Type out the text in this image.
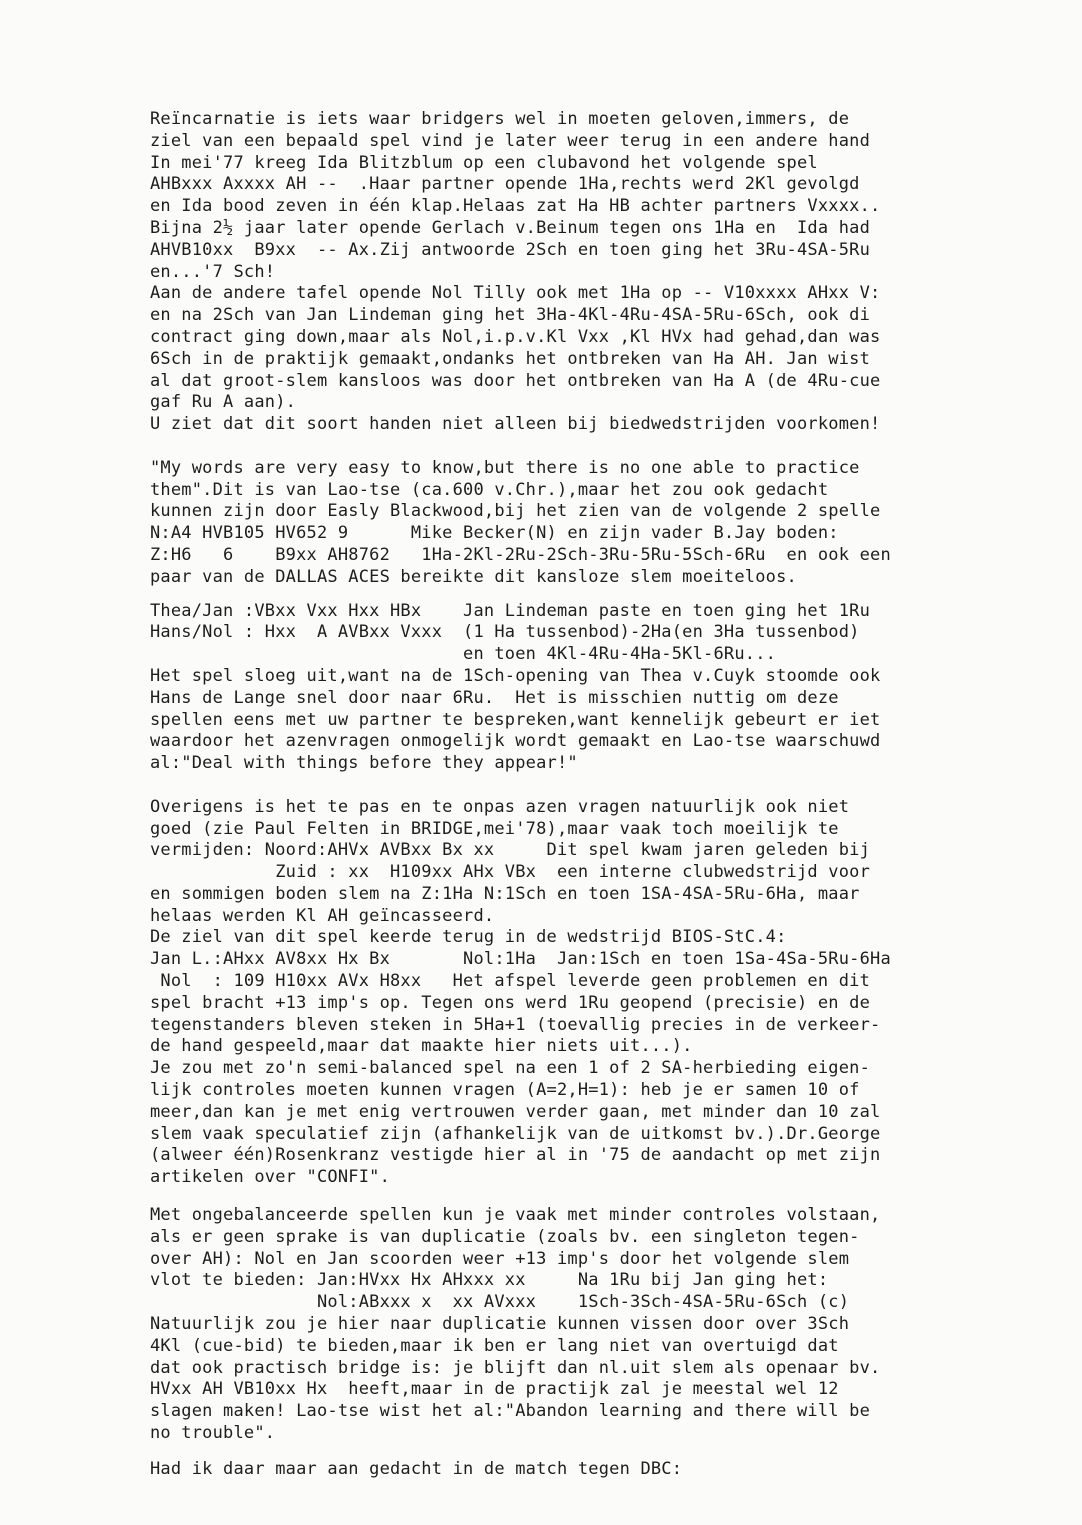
Reïncarnatie is iets waar bridgers wel in moeten geloven,immers, de
ziel van een bepaald spel vind je later weer terug in een andere hand
In mei'77 kreeg Ida Blitzblum op een clubavond het volgende spel
AHBxxx Axxxx AH --  .Haar partner opende 1Ha,rechts werd 2Kl gevolgd
en Ida bood zeven in één klap.Helaas zat Ha HB achter partners Vxxxx..
Bijna 2½ jaar later opende Gerlach v.Beinum tegen ons 1Ha en  Ida had
AHVB10xx  B9xx  -- Ax.Zij antwoorde 2Sch en toen ging het 3Ru-4SA-5Ru
en...'7 Sch!
Aan de andere tafel opende Nol Tilly ook met 1Ha op -- V10xxxx AHxx V:
en na 2Sch van Jan Lindeman ging het 3Ha-4Kl-4Ru-4SA-5Ru-6Sch, ook di
contract ging down,maar als Nol,i.p.v.Kl Vxx ,Kl HVx had gehad,dan was
6Sch in de praktijk gemaakt,ondanks het ontbreken van Ha AH. Jan wist
al dat groot-slem kansloos was door het ontbreken van Ha A (de 4Ru-cue
gaf Ru A aan).
U ziet dat dit soort handen niet alleen bij biedwedstrijden voorkomen!
"My words are very easy to know,but there is no one able to practice
them".Dit is van Lao-tse (ca.600 v.Chr.),maar het zou ook gedacht
kunnen zijn door Easly Blackwood,bij het zien van de volgende 2 spelle
N:A4 HVB105 HV652 9      Mike Becker(N) en zijn vader B.Jay boden:
Z:H6   6    B9xx AH8762   1Ha-2Kl-2Ru-2Sch-3Ru-5Ru-5Sch-6Ru  en ook een
paar van de DALLAS ACES bereikte dit kansloze slem moeiteloos.
Thea/Jan :VBxx Vxx Hxx HBx    Jan Lindeman paste en toen ging het 1Ru
Hans/Nol : Hxx  A AVBxx Vxxx  (1 Ha tussenbod)-2Ha(en 3Ha tussenbod)
en toen 4Kl-4Ru-4Ha-5Kl-6Ru...
Het spel sloeg uit,want na de 1Sch-opening van Thea v.Cuyk stoomde ook
Hans de Lange snel door naar 6Ru.  Het is misschien nuttig om deze
spellen eens met uw partner te bespreken,want kennelijk gebeurt er iet
waardoor het azenvragen onmogelijk wordt gemaakt en Lao-tse waarschuwd
al:"Deal with things before they appear!"
Overigens is het te pas en te onpas azen vragen natuurlijk ook niet
goed (zie Paul Felten in BRIDGE,mei'78),maar vaak toch moeilijk te
vermijden: Noord:AHVx AVBxx Bx xx     Dit spel kwam jaren geleden bij
Zuid : xx  H109xx AHx VBx  een interne clubwedstrijd voor
en sommigen boden slem na Z:1Ha N:1Sch en toen 1SA-4SA-5Ru-6Ha, maar
helaas werden Kl AH geïncasseerd.
De ziel van dit spel keerde terug in de wedstrijd BIOS-StC.4:
Jan L.:AHxx AV8xx Hx Bx       Nol:1Ha  Jan:1Sch en toen 1Sa-4Sa-5Ru-6Ha
Nol  : 109 H10xx AVx H8xx   Het afspel leverde geen problemen en dit
spel bracht +13 imp's op. Tegen ons werd 1Ru geopend (precisie) en de
tegenstanders bleven steken in 5Ha+1 (toevallig precies in de verkeer-
de hand gespeeld,maar dat maakte hier niets uit...).
Je zou met zo'n semi-balanced spel na een 1 of 2 SA-herbieding eigen-
lijk controles moeten kunnen vragen (A=2,H=1): heb je er samen 10 of
meer,dan kan je met enig vertrouwen verder gaan, met minder dan 10 zal
slem vaak speculatief zijn (afhankelijk van de uitkomst bv.).Dr.George
(alweer één)Rosenkranz vestigde hier al in '75 de aandacht op met zijn
artikelen over "CONFI".
Met ongebalanceerde spellen kun je vaak met minder controles volstaan,
als er geen sprake is van duplicatie (zoals bv. een singleton tegen-
over AH): Nol en Jan scoorden weer +13 imp's door het volgende slem
vlot te bieden: Jan:HVxx Hx AHxxx xx     Na 1Ru bij Jan ging het:
Nol:ABxxx x  xx AVxxx    1Sch-3Sch-4SA-5Ru-6Sch (c)
Natuurlijk zou je hier naar duplicatie kunnen vissen door over 3Sch
4Kl (cue-bid) te bieden,maar ik ben er lang niet van overtuigd dat
dat ook practisch bridge is: je blijft dan nl.uit slem als openaar bv.
HVxx AH VB10xx Hx  heeft,maar in de practijk zal je meestal wel 12
slagen maken! Lao-tse wist het al:"Abandon learning and there will be
no trouble".
Had ik daar maar aan gedacht in de match tegen DBC:
